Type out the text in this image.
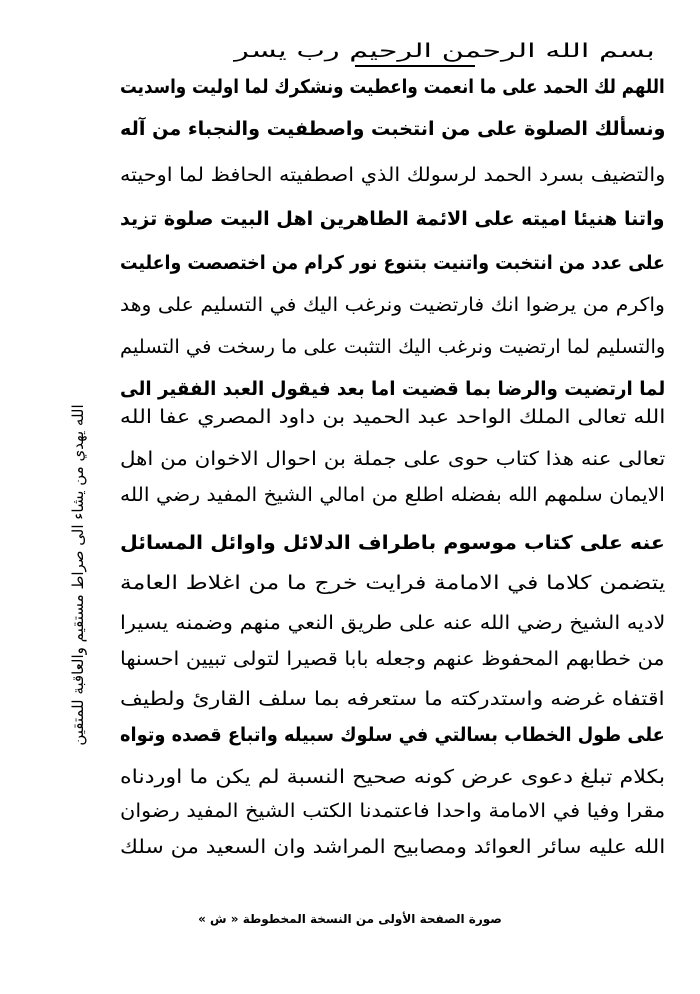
بسم الله الرحمن الرحيم رب يسر
اللهم لك الحمد على ما انعمت واعطيت ونشكرك لما اوليت واسديت
ونسألك الصلوة على من انتخبت واصطفيت والنجباء من آله
والتضيف بسرد الحمد لرسولك الذي اصطفيته الحافظ لما اوحيته
واتنا هنيئا اميته على الائمة الطاهرين اهل البيت صلوة تزيد
على عدد من انتخبت واتنيت بتنوع نور كرام من اختصصت واعليت
واكرم من يرضوا انك فارتضيت ونرغب اليك في التسليم على وهد
والتسليم لما ارتضيت ونرغب اليك التثبت على ما رسخت في التسليم
لما ارتضيت والرضا بما قضيت اما بعد فيقول العبد الفقير الى
الله تعالى الملك الواحد عبد الحميد بن داود المصري عفا الله
تعالى عنه هذا كتاب حوى على جملة بن احوال الاخوان من اهل
الايمان سلمهم الله بفضله اطلع من امالي الشيخ المفيد رضي الله
عنه على كتاب موسوم باطراف الدلائل واوائل المسائل
يتضمن كلاما في الامامة فرايت خرج ما من اغلاط العامة
لاديه الشيخ رضي الله عنه على طريق النعي منهم وضمنه يسيرا
من خطابهم المحفوظ عنهم وجعله بابا قصيرا لتولى تبيين احسنها
اقتفاه غرضه واستدركته ما ستعرفه بما سلف القارئ ولطيف
على طول الخطاب بسالتي في سلوك سبيله واتباع قصده وتواه
بكلام تبلغ دعوى عرض كونه صحيح النسبة لم يكن ما اوردناه
مقرا وفيا في الامامة واحدا فاعتمدنا الكتب الشيخ المفيد رضوان
الله عليه سائر العوائد ومصابيح المراشد وان السعيد من سلك
الله يهدي من يشاء الى صراط مستقيم والعاقبة للمتقين
صورة الصفحة الأولى من النسخة المخطوطة « ش »
